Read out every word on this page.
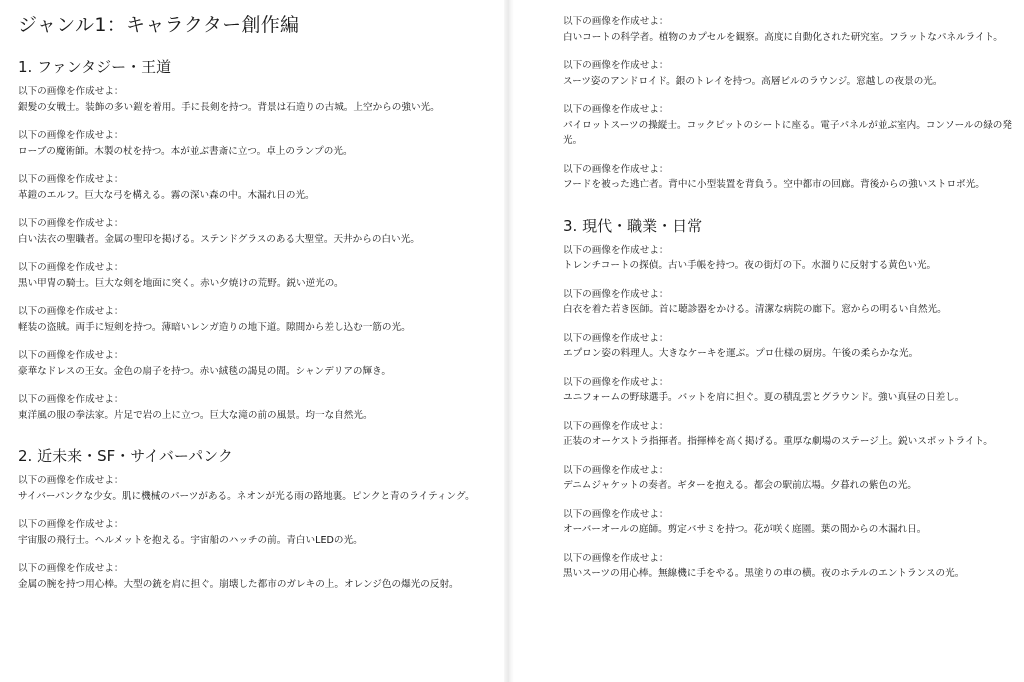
ジャンル1：キャラクター創作編
1. ファンタジー・王道
以下の画像を作成せよ：
銀髪の女戦士。装飾の多い鎧を着用。手に長剣を持つ。背景は石造りの古城。上空からの強い光。
以下の画像を作成せよ：
ローブの魔術師。木製の杖を持つ。本が並ぶ書斎に立つ。卓上のランプの光。
以下の画像を作成せよ：
革鎧のエルフ。巨大な弓を構える。霧の深い森の中。木漏れ日の光。
以下の画像を作成せよ：
白い法衣の聖職者。金属の聖印を掲げる。ステンドグラスのある大聖堂。天井からの白い光。
以下の画像を作成せよ：
黒い甲冑の騎士。巨大な剣を地面に突く。赤い夕焼けの荒野。鋭い逆光の。
以下の画像を作成せよ：
軽装の盗賊。両手に短剣を持つ。薄暗いレンガ造りの地下道。隙間から差し込む一筋の光。
以下の画像を作成せよ：
豪華なドレスの王女。金色の扇子を持つ。赤い絨毯の謁見の間。シャンデリアの輝き。
以下の画像を作成せよ：
東洋風の服の拳法家。片足で岩の上に立つ。巨大な滝の前の風景。均一な自然光。
2. 近未来・SF・サイバーパンク
以下の画像を作成せよ：
サイバーパンクな少女。肌に機械のパーツがある。ネオンが光る雨の路地裏。ピンクと青のライティング。
以下の画像を作成せよ：
宇宙服の飛行士。ヘルメットを抱える。宇宙船のハッチの前。青白いLEDの光。
以下の画像を作成せよ：
金属の腕を持つ用心棒。大型の銃を肩に担ぐ。崩壊した都市のガレキの上。オレンジ色の爆光の反射。
以下の画像を作成せよ：
白いコートの科学者。植物のカプセルを観察。高度に自動化された研究室。フラットなパネルライト。
以下の画像を作成せよ：
スーツ姿のアンドロイド。銀のトレイを持つ。高層ビルのラウンジ。窓越しの夜景の光。
以下の画像を作成せよ：
パイロットスーツの操縦士。コックピットのシートに座る。電子パネルが並ぶ室内。コンソールの緑の発光。
以下の画像を作成せよ：
フードを被った逃亡者。背中に小型装置を背負う。空中都市の回廊。背後からの強いストロボ光。
3. 現代・職業・日常
以下の画像を作成せよ：
トレンチコートの探偵。古い手帳を持つ。夜の街灯の下。水溜りに反射する黄色い光。
以下の画像を作成せよ：
白衣を着た若き医師。首に聴診器をかける。清潔な病院の廊下。窓からの明るい自然光。
以下の画像を作成せよ：
エプロン姿の料理人。大きなケーキを運ぶ。プロ仕様の厨房。午後の柔らかな光。
以下の画像を作成せよ：
ユニフォームの野球選手。バットを肩に担ぐ。夏の積乱雲とグラウンド。強い真昼の日差し。
以下の画像を作成せよ：
正装のオーケストラ指揮者。指揮棒を高く掲げる。重厚な劇場のステージ上。鋭いスポットライト。
以下の画像を作成せよ：
デニムジャケットの奏者。ギターを抱える。都会の駅前広場。夕暮れの紫色の光。
以下の画像を作成せよ：
オーバーオールの庭師。剪定バサミを持つ。花が咲く庭園。葉の間からの木漏れ日。
以下の画像を作成せよ：
黒いスーツの用心棒。無線機に手をやる。黒塗りの車の横。夜のホテルのエントランスの光。
